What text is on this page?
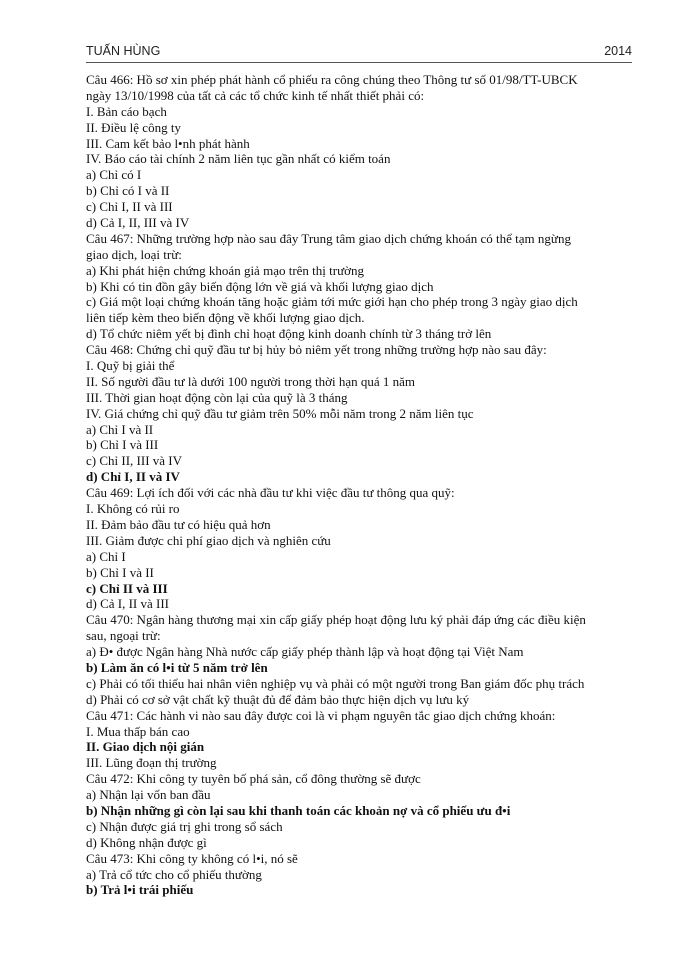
TUẤN HÙNG	2014
Câu 466: Hồ sơ xin phép phát hành cổ phiếu ra công chúng theo Thông tư số 01/98/TT-UBCK
ngày 13/10/1998 của tất cả các tổ chức kinh tế nhất thiết phải có:
I. Bản cáo bạch
II. Điều lệ công ty
III. Cam kết bảo l•nh phát hành
IV. Báo cáo tài chính 2 năm liên tục gần nhất có kiểm toán
a) Chỉ có I
b) Chỉ có I và II
c) Chỉ I, II và III
d) Cả I, II, III và IV
Câu 467: Những trường hợp nào sau đây Trung tâm giao dịch chứng khoán có thể tạm ngừng
giao dịch, loại trừ:
a) Khi phát hiện chứng khoán giả mạo trên thị trường
b) Khi có tin đồn gây biến động lớn về giá và khối lượng giao dịch
c) Giá một loại chứng khoán tăng hoặc giảm tới mức giới hạn cho phép trong 3 ngày giao dịch
liên tiếp kèm theo biến động về khối lượng giao dịch.
d) Tổ chức niêm yết bị đình chỉ hoạt động kinh doanh chính từ 3 tháng trở lên
Câu 468: Chứng chỉ quỹ đầu tư bị hủy bỏ niêm yết trong những trường hợp nào sau đây:
I. Quỹ bị giải thể
II. Số người đầu tư là dưới 100 người trong thời hạn quá 1 năm
III. Thời gian hoạt động còn lại của quỹ là 3 tháng
IV. Giá chứng chỉ quỹ đầu tư giảm trên 50% mỗi năm trong 2 năm liên tục
a) Chỉ I và II
b) Chỉ I và III
c) Chỉ II, III và IV
d) Chỉ I, II và IV
Câu 469: Lợi ích đối với các nhà đầu tư khi việc đầu tư thông qua quỹ:
I. Không có rủi ro
II. Đảm bảo đầu tư có hiệu quả hơn
III. Giảm được chi phí giao dịch và nghiên cứu
a) Chỉ I
b) Chỉ I và II
c) Chỉ II và III
d) Cả I, II và III
Câu 470: Ngân hàng thương mại xin cấp giấy phép hoạt động lưu ký phải đáp ứng các điều kiện
sau, ngoại trừ:
a) Đ• được Ngân hàng Nhà nước cấp giấy phép thành lập và hoạt động tại Việt Nam
b) Làm ăn có l•i từ 5 năm trở lên
c) Phải có tối thiểu hai nhân viên nghiệp vụ và phải có một người trong Ban giám đốc phụ trách
d) Phải có cơ sở vật chất kỹ thuật đủ để đảm bảo thực hiện dịch vụ lưu ký
Câu 471: Các hành vi nào sau đây được coi là vi phạm nguyên tắc giao dịch chứng khoán:
I. Mua thấp bán cao
II. Giao dịch nội gián
III. Lũng đoạn thị trường
Câu 472: Khi công ty tuyên bố phá sản, cổ đông thường sẽ được
a) Nhận lại vốn ban đầu
b) Nhận những gì còn lại sau khi thanh toán các khoản nợ và cổ phiếu ưu đ•i
c) Nhận được giá trị ghi trong sổ sách
d) Không nhận được gì
Câu 473: Khi công ty không có l•i, nó sẽ
a) Trả cổ tức cho cổ phiếu thường
b) Trả l•i trái phiếu
